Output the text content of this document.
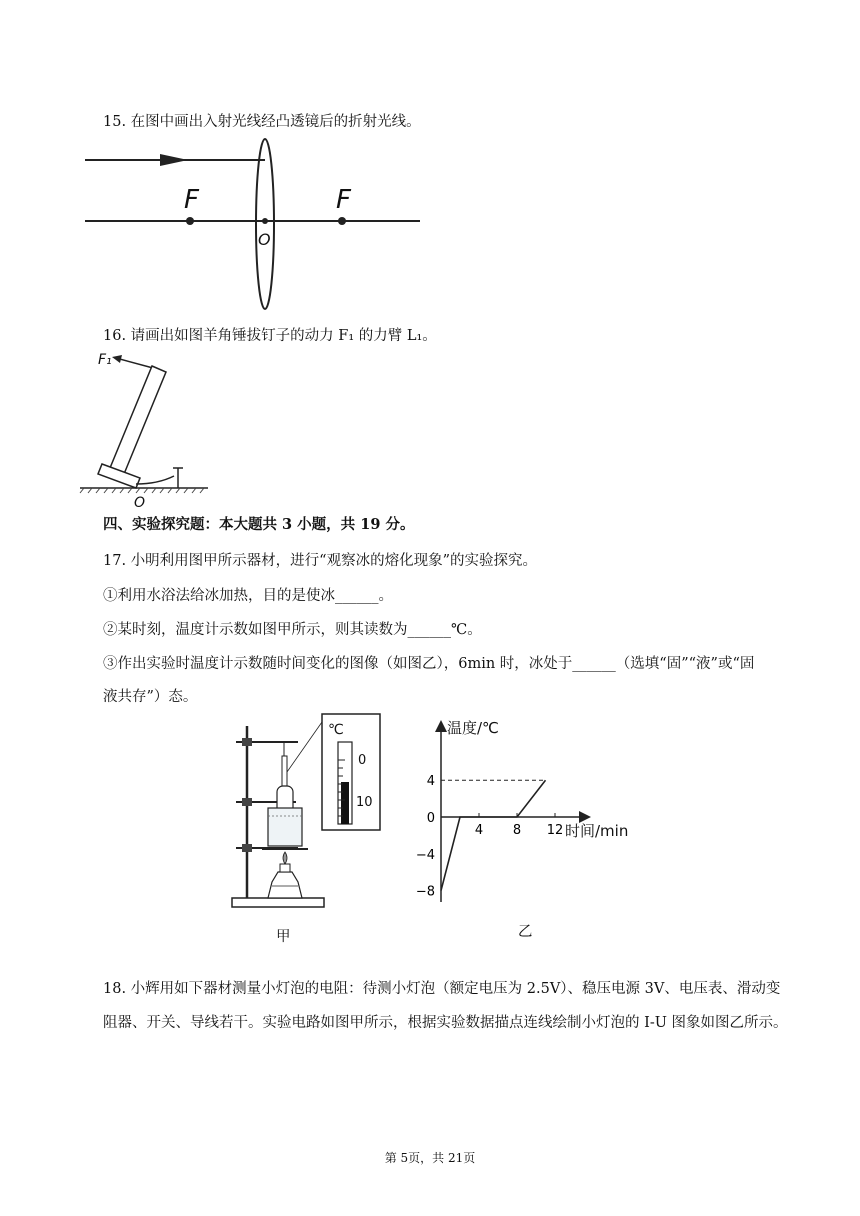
15. 在图中画出入射光线经凸透镜后的折射光线。
F	F
O
16. 请画出如图羊角锤拔钉子的动力 F₁ 的力臂 L₁。
F₁
O
四、实验探究题：本大题共 3 小题，共 19 分。
17. 小明利用图甲所示器材，进行“观察冰的熔化现象”的实验探究。
①利用水浴法给冰加热，目的是使冰______。
②某时刻，温度计示数如图甲所示，则其读数为______℃。
③作出实验时温度计示数随时间变化的图像（如图乙），6min 时，冰处于______（选填“固”“液”或“固
液共存”）态。
℃
0
10
甲
温度/℃
时间/min
4
0
−4
−8
4 8 12
乙
18. 小辉用如下器材测量小灯泡的电阻：待测小灯泡（额定电压为 2.5V）、稳压电源 3V、电压表、滑动变
阻器、开关、导线若干。实验电路如图甲所示，根据实验数据描点连线绘制小灯泡的 I-U 图象如图乙所示。
第 5页，共 21页
